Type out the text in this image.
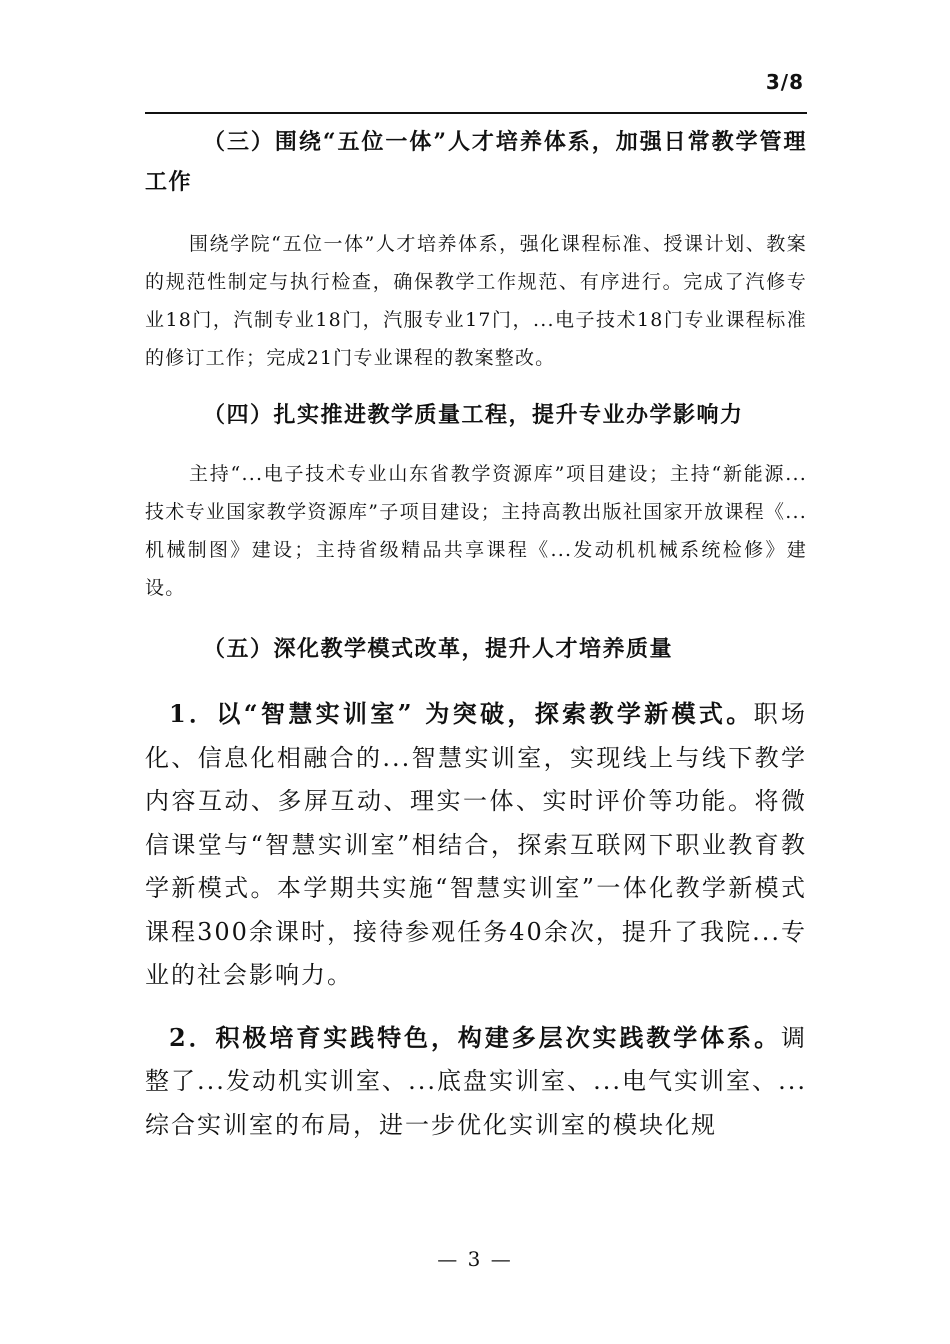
3/8

（三）围绕“五位一体”人才培养体系，加强日常教学管理工作

围绕学院“五位一体”人才培养体系，强化课程标准、授课计划、教案的规范性制定与执行检查，确保教学工作规范、有序进行。完成了汽修专业18门，汽制专业18门，汽服专业17门，...电子技术18门专业课程标准的修订工作；完成21门专业课程的教案整改。

（四）扎实推进教学质量工程，提升专业办学影响力

主持“...电子技术专业山东省教学资源库”项目建设；主持“新能源...技术专业国家教学资源库”子项目建设；主持高教出版社国家开放课程《...机械制图》建设；主持省级精品共享课程《...发动机机械系统检修》建设。

（五）深化教学模式改革，提升人才培养质量

1．以“智慧实训室” 为突破，探索教学新模式。职场化、信息化相融合的...智慧实训室，实现线上与线下教学内容互动、多屏互动、理实一体、实时评价等功能。将微信课堂与“智慧实训室”相结合，探索互联网下职业教育教学新模式。本学期共实施“智慧实训室”一体化教学新模式课程300余课时，接待参观任务40余次，提升了我院...专业的社会影响力。

2．积极培育实践特色，构建多层次实践教学体系。调整了...发动机实训室、...底盘实训室、...电气实训室、...综合实训室的布局，进一步优化实训室的模块化规

— 3 —
